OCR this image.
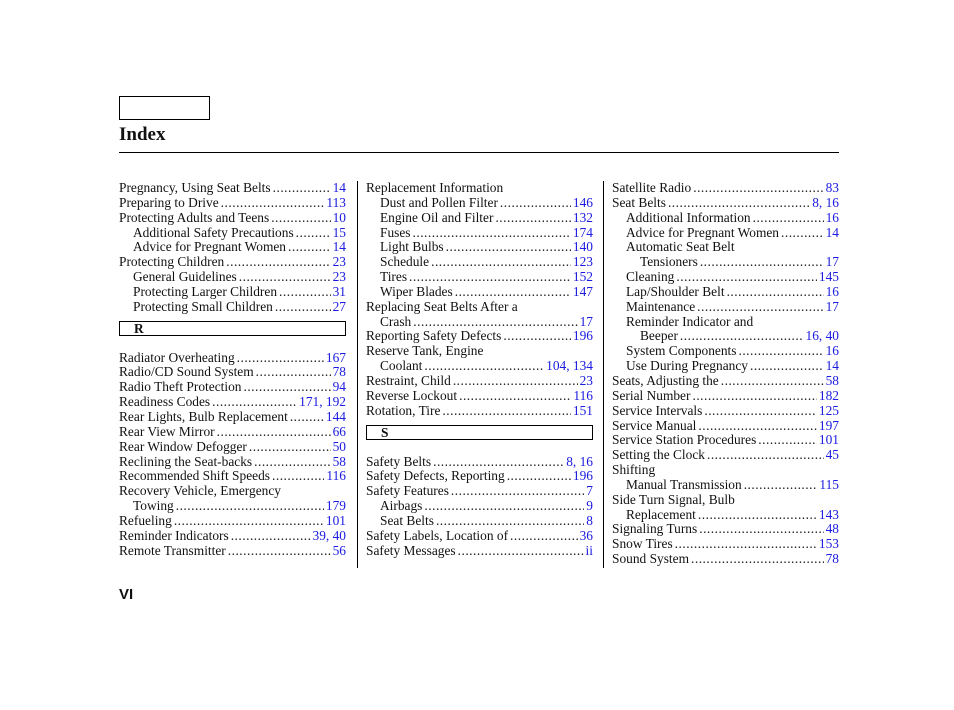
Index
Pregnancy, Using Seat Belts .....	14
Preparing to Drive .....	113
Protecting Adults and Teens .....	10
Additional Safety Precautions .....	15
Advice for Pregnant Women .....	14
Protecting Children .....	23
General Guidelines .....	23
Protecting Larger Children .....	31
Protecting Small Children .....	27
R
Radiator Overheating .....	167
Radio/CD Sound System .....	78
Radio Theft Protection .....	94
Readiness Codes .....	171, 192
Rear Lights, Bulb Replacement .....	144
Rear View Mirror .....	66
Rear Window Defogger .....	50
Reclining the Seat-backs .....	58
Recommended Shift Speeds .....	116
Recovery Vehicle, Emergency
Towing .....	179
Refueling .....	101
Reminder Indicators .....	39, 40
Remote Transmitter .....	56
Replacement Information
Dust and Pollen Filter .....	146
Engine Oil and Filter .....	132
Fuses .....	174
Light Bulbs .....	140
Schedule .....	123
Tires .....	152
Wiper Blades .....	147
Replacing Seat Belts After a
Crash .....	17
Reporting Safety Defects .....	196
Reserve Tank, Engine
Coolant .....	104, 134
Restraint, Child .....	23
Reverse Lockout .....	116
Rotation, Tire .....	151
S
Safety Belts .....	8, 16
Safety Defects, Reporting .....	196
Safety Features .....	7
Airbags .....	9
Seat Belts .....	8
Safety Labels, Location of .....	36
Safety Messages .....	ii
Satellite Radio .....	83
Seat Belts .....	8, 16
Additional Information .....	16
Advice for Pregnant Women .....	14
Automatic Seat Belt
Tensioners .....	17
Cleaning .....	145
Lap/Shoulder Belt .....	16
Maintenance .....	17
Reminder Indicator and
Beeper .....	16, 40
System Components .....	16
Use During Pregnancy .....	14
Seats, Adjusting the .....	58
Serial Number .....	182
Service Intervals .....	125
Service Manual .....	197
Service Station Procedures .....	101
Setting the Clock .....	45
Shifting
Manual Transmission .....	115
Side Turn Signal, Bulb
Replacement .....	143
Signaling Turns .....	48
Snow Tires .....	153
Sound System .....	78
VI
